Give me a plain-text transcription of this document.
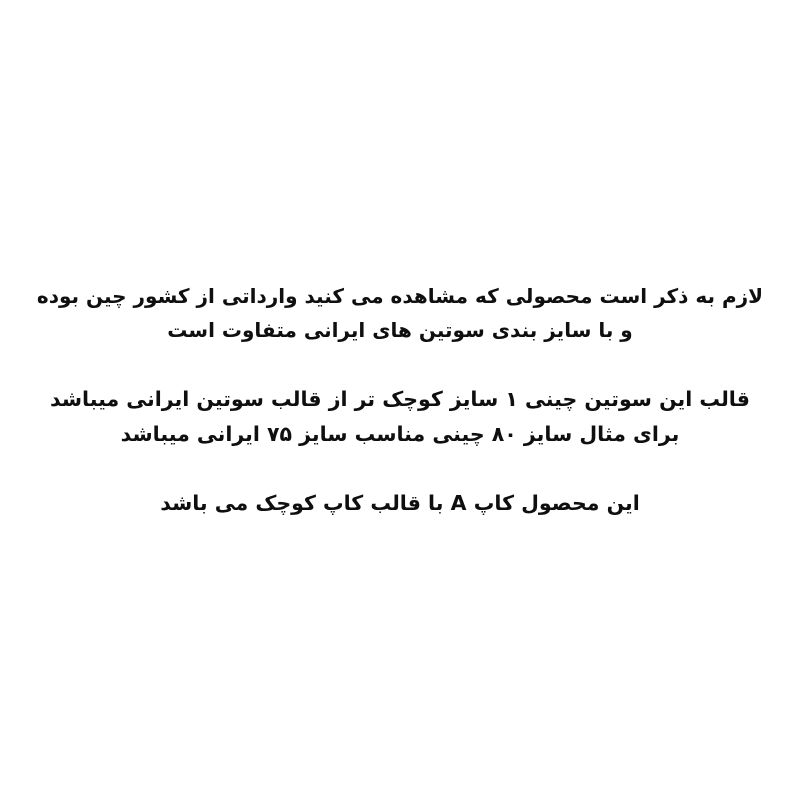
لازم به ذکر است محصولی که مشاهده می کنید وارداتی از کشور چین بوده
و با سایز بندی سوتین های ایرانی متفاوت است
قالب این سوتین چینی ۱ سایز کوچک تر از قالب سوتین ایرانی میباشد
برای مثال سایز ۸۰ چینی مناسب سایز ۷۵ ایرانی میباشد
این محصول کاپ A با قالب کاپ کوچک می باشد
